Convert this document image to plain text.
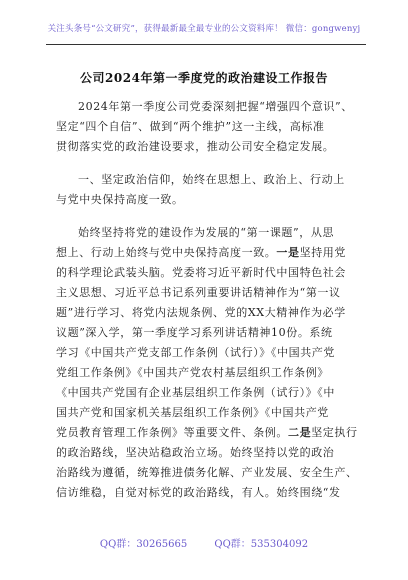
关注头条号“公文研究”，获得最新最全最专业的公文资料库！ 微信：gongwenyj
公司2024年第一季度党的政治建设工作报告
2024年第一季度公司党委深刻把握“增强四个意识”、
坚定“四个自信”、做到“两个维护”这一主线，高标准
贯彻落实党的政治建设要求，推动公司安全稳定发展。
一、坚定政治信仰，始终在思想上、政治上、行动上
与党中央保持高度一致。
始终坚持将党的建设作为发展的“第一课题”，从思
想上、行动上始终与党中央保持高度一致。一是坚持用党
的科学理论武装头脑。党委将习近平新时代中国特色社会
主义思想、习近平总书记系列重要讲话精神作为“第一议
题”进行学习、将党内法规条例、党的XX大精神作为必学
议题”深入学，第一季度学习系列讲话精神10份。系统
学习《中国共产党支部工作条例（试行）》《中国共产党
党组工作条例》《中国共产党农村基层组织工作条例》
《中国共产党国有企业基层组织工作条例（试行）》《中
国共产党和国家机关基层组织工作条例》《中国共产党
党员教育管理工作条例》等重要文件、条例。二是坚定执行
的政治路线，坚决站稳政治立场。始终坚持以党的政治
治路线为遵循，统筹推进债务化解、产业发展、安全生产、
信访维稳，自觉对标党的政治路线，有人。始终围绕“发
QQ群：30265665	QQ群：535304092
